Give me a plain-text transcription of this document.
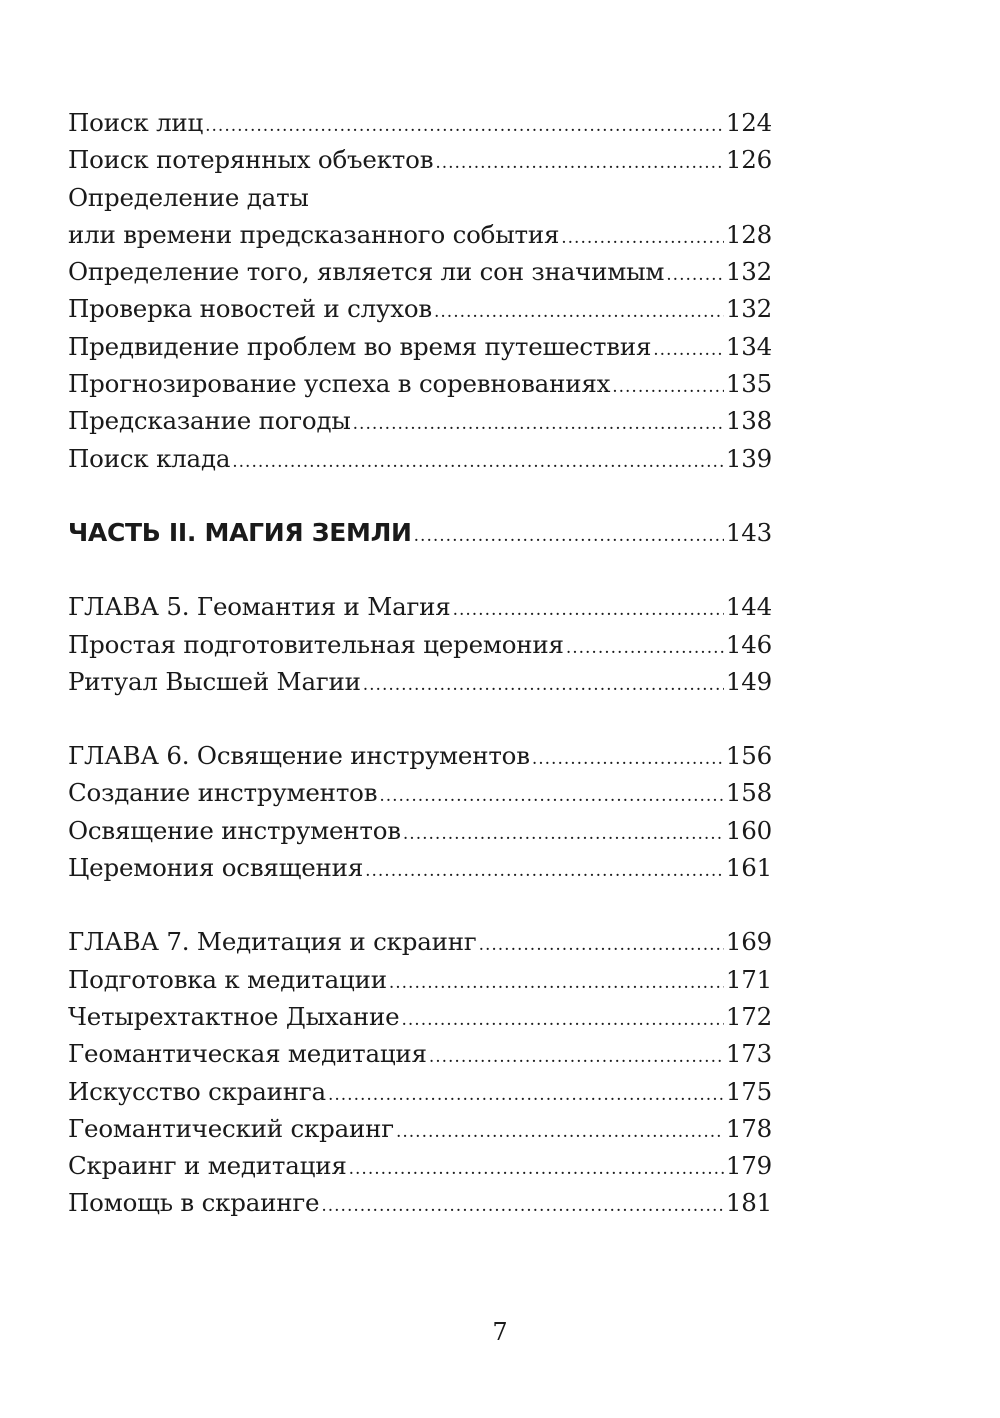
Поиск лиц .....	124
Поиск потерянных объектов .....	126
Определение даты
или времени предсказанного события .....	128
Определение того, является ли сон значимым .....	132
Проверка новостей и слухов .....	132
Предвидение проблем во время путешествия .....	134
Прогнозирование успеха в соревнованиях .....	135
Предсказание погоды .....	138
Поиск клада .....	139
ЧАСТЬ II. МАГИЯ ЗЕМЛИ .....	143
ГЛАВА 5. Геомантия и Магия .....	144
Простая подготовительная церемония .....	146
Ритуал Высшей Магии .....	149
ГЛАВА 6. Освящение инструментов .....	156
Создание инструментов .....	158
Освящение инструментов .....	160
Церемония освящения .....	161
ГЛАВА 7. Медитация и скраинг .....	169
Подготовка к медитации .....	171
Четырехтактное Дыхание .....	172
Геомантическая медитация .....	173
Искусство скраинга .....	175
Геомантический скраинг .....	178
Скраинг и медитация .....	179
Помощь в скраинге .....	181
7
